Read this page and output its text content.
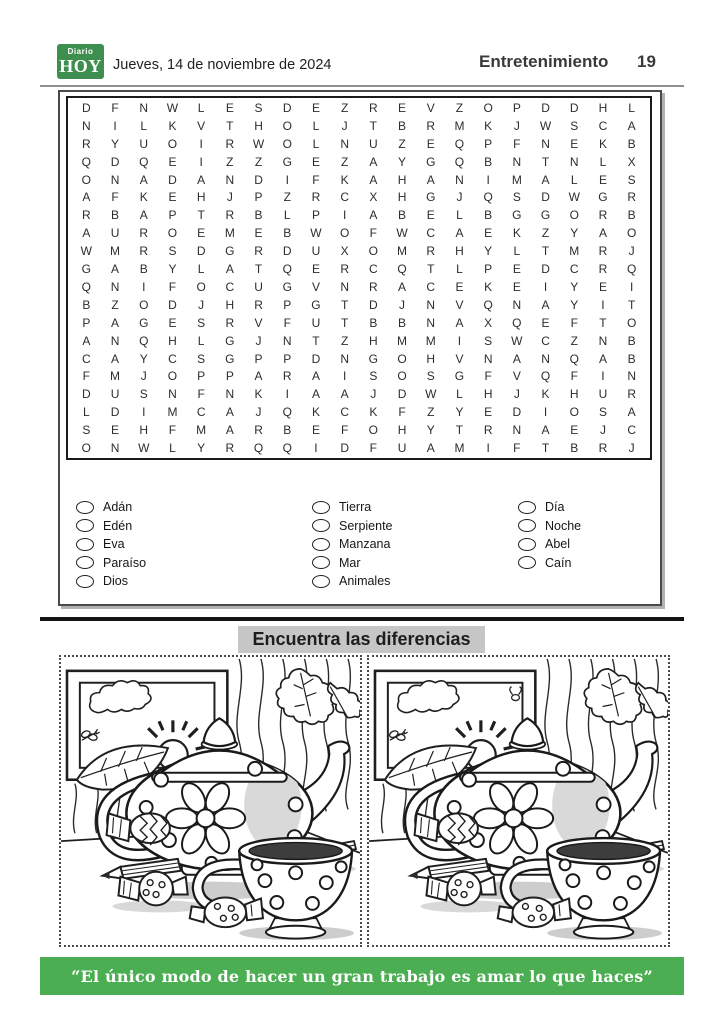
Diario
HOY Jueves, 14 de noviembre de 2024	Entretenimiento 19
D	F	N	W	L	E	S	D	E	Z	R	E	V	Z	O	P	D	D	H	L
N	I	L	K	V	T	H	O	L	J	T	B	R	M	K	J	W	S	C	A
R	Y	U	O	I	R	W	O	L	N	U	Z	E	Q	P	F	N	E	K	B
Q	D	Q	E	I	Z	Z	G	E	Z	A	Y	G	Q	B	N	T	N	L	X
O	N	A	D	A	N	D	I	F	K	A	H	A	N	I	M	A	L	E	S
A	F	K	E	H	J	P	Z	R	C	X	H	G	J	Q	S	D	W	G	R
R	B	A	P	T	R	B	L	P	I	A	B	E	L	B	G	G	O	R	B
A	U	R	O	E	M	E	B	W	O	F	W	C	A	E	K	Z	Y	A	O
W	M	R	S	D	G	R	D	U	X	O	M	R	H	Y	L	T	M	R	J
G	A	B	Y	L	A	T	Q	E	R	C	Q	T	L	P	E	D	C	R	Q
Q	N	I	F	O	C	U	G	V	N	R	A	C	E	K	E	I	Y	E	I
B	Z	O	D	J	H	R	P	G	T	D	J	N	V	Q	N	A	Y	I	T
P	A	G	E	S	R	V	F	U	T	B	B	N	A	X	Q	E	F	T	O
A	N	Q	H	L	G	J	N	T	Z	H	M	M	I	S	W	C	Z	N	B
C	A	Y	C	S	G	P	P	D	N	G	O	H	V	N	A	N	Q	A	B
F	M	J	O	P	P	A	R	A	I	S	O	S	G	F	V	Q	F	I	N
D	U	S	N	F	N	K	I	A	A	J	D	W	L	H	J	K	H	U	R
L	D	I	M	C	A	J	Q	K	C	K	F	Z	Y	E	D	I	O	S	A
S	E	H	F	M	A	R	B	E	F	O	H	Y	T	R	N	A	E	J	C
O	N	W	L	Y	R	Q	Q	I	D	F	U	A	M	I	F	T	B	R	J
Adán
Edén
Eva
Paraíso
Dios
Tierra
Serpiente
Manzana
Mar
Animales
Día
Noche
Abel
Caín
Encuentra las diferencias
“El único modo de hacer un gran trabajo es amar lo que haces”
